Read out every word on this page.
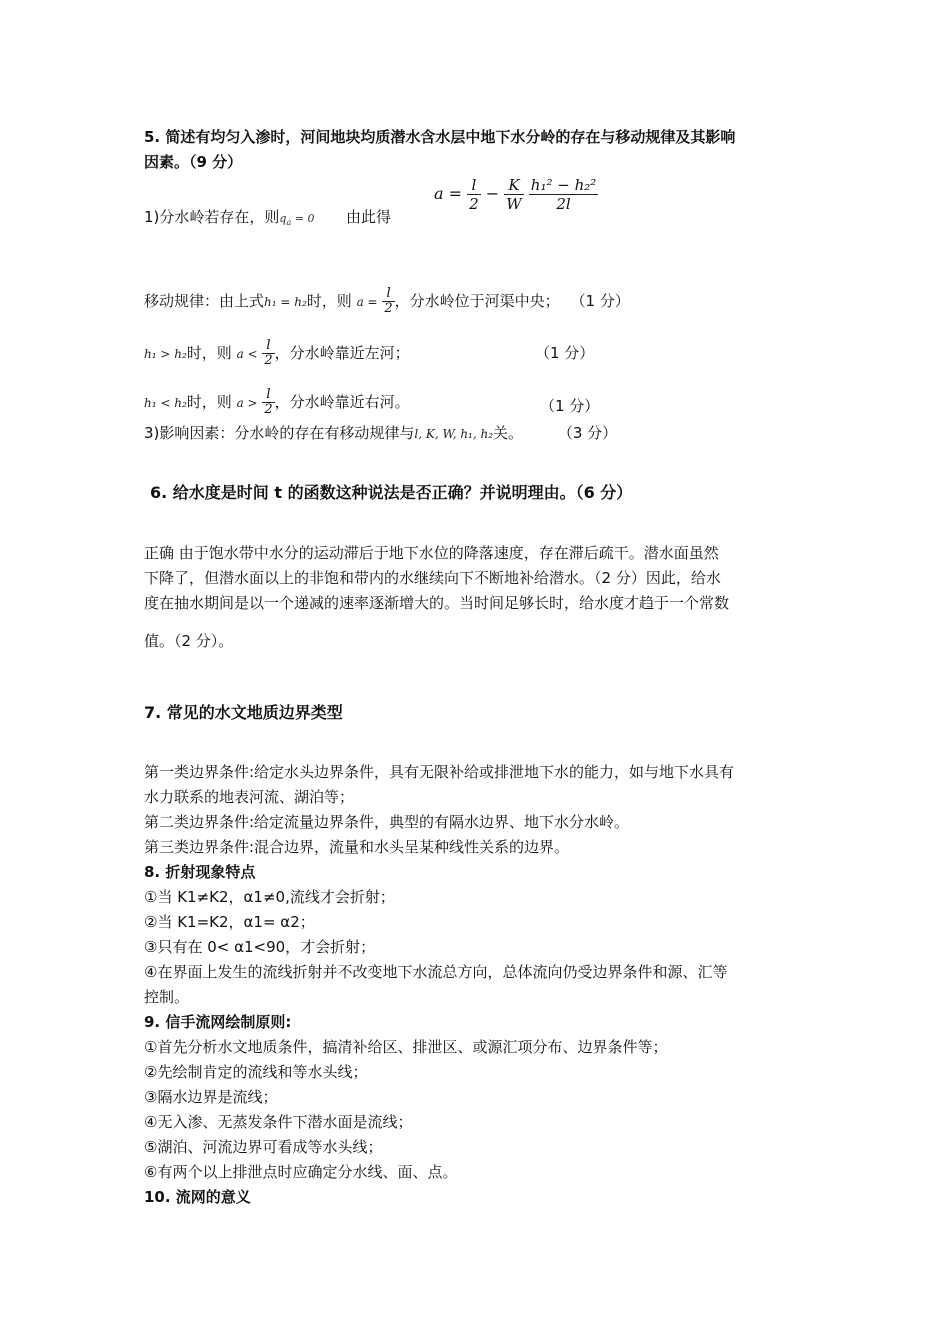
5. 简述有均匀入渗时，河间地块均质潜水含水层中地下水分岭的存在与移动规律及其影响
因素。（9 分）
1)分水岭若存在，则$q_a = 0$ 由此得
$a = \frac{l}{2} - \frac{K}{W}$
$\frac{\text{h₁² − h₂²}}{2l}$
移动规律：由上式h₁ = h₂时，则 $a = \frac{l}{2}$ ，分水岭位于河渠中央； （1 分）
h₁ > h₂时，则 $a < \frac{l}{2}$ ，分水岭靠近左河；	（1 分）
h₁ < h₂时，则 $a > \frac{l}{2}$ ，分水岭靠近右河。	（1 分）
3)影响因素：分水岭的存在有移动规律与l, K, W, h₁, h₂关。 （3 分）
6. 给水度是时间 t 的函数这种说法是否正确？并说明理由。（6 分）
正确 由于饱水带中水分的运动滞后于地下水位的降落速度，存在滞后疏干。潜水面虽然
下降了，但潜水面以上的非饱和带内的水继续向下不断地补给潜水。（2 分）因此，给水
度在抽水期间是以一个递减的速率逐渐增大的。当时间足够长时，给水度才趋于一个常数
值。（2 分）。
7. 常见的水文地质边界类型
第一类边界条件:给定水头边界条件，具有无限补给或排泄地下水的能力，如与地下水具有
水力联系的地表河流、湖泊等；
第二类边界条件:给定流量边界条件，典型的有隔水边界、地下水分水岭。
第三类边界条件:混合边界，流量和水头呈某种线性关系的边界。
8. 折射现象特点
①当 K1≠K2，α1≠0,流线才会折射；
②当 K1=K2，α1= α2；
③只有在 0< α1<90，才会折射；
④在界面上发生的流线折射并不改变地下水流总方向，总体流向仍受边界条件和源、汇等
控制。
9. 信手流网绘制原则:
①首先分析水文地质条件，搞清补给区、排泄区、或源汇项分布、边界条件等；
②先绘制肯定的流线和等水头线；
③隔水边界是流线；
④无入渗、无蒸发条件下潜水面是流线；
⑤湖泊、河流边界可看成等水头线；
⑥有两个以上排泄点时应确定分水线、面、点。
10. 流网的意义
